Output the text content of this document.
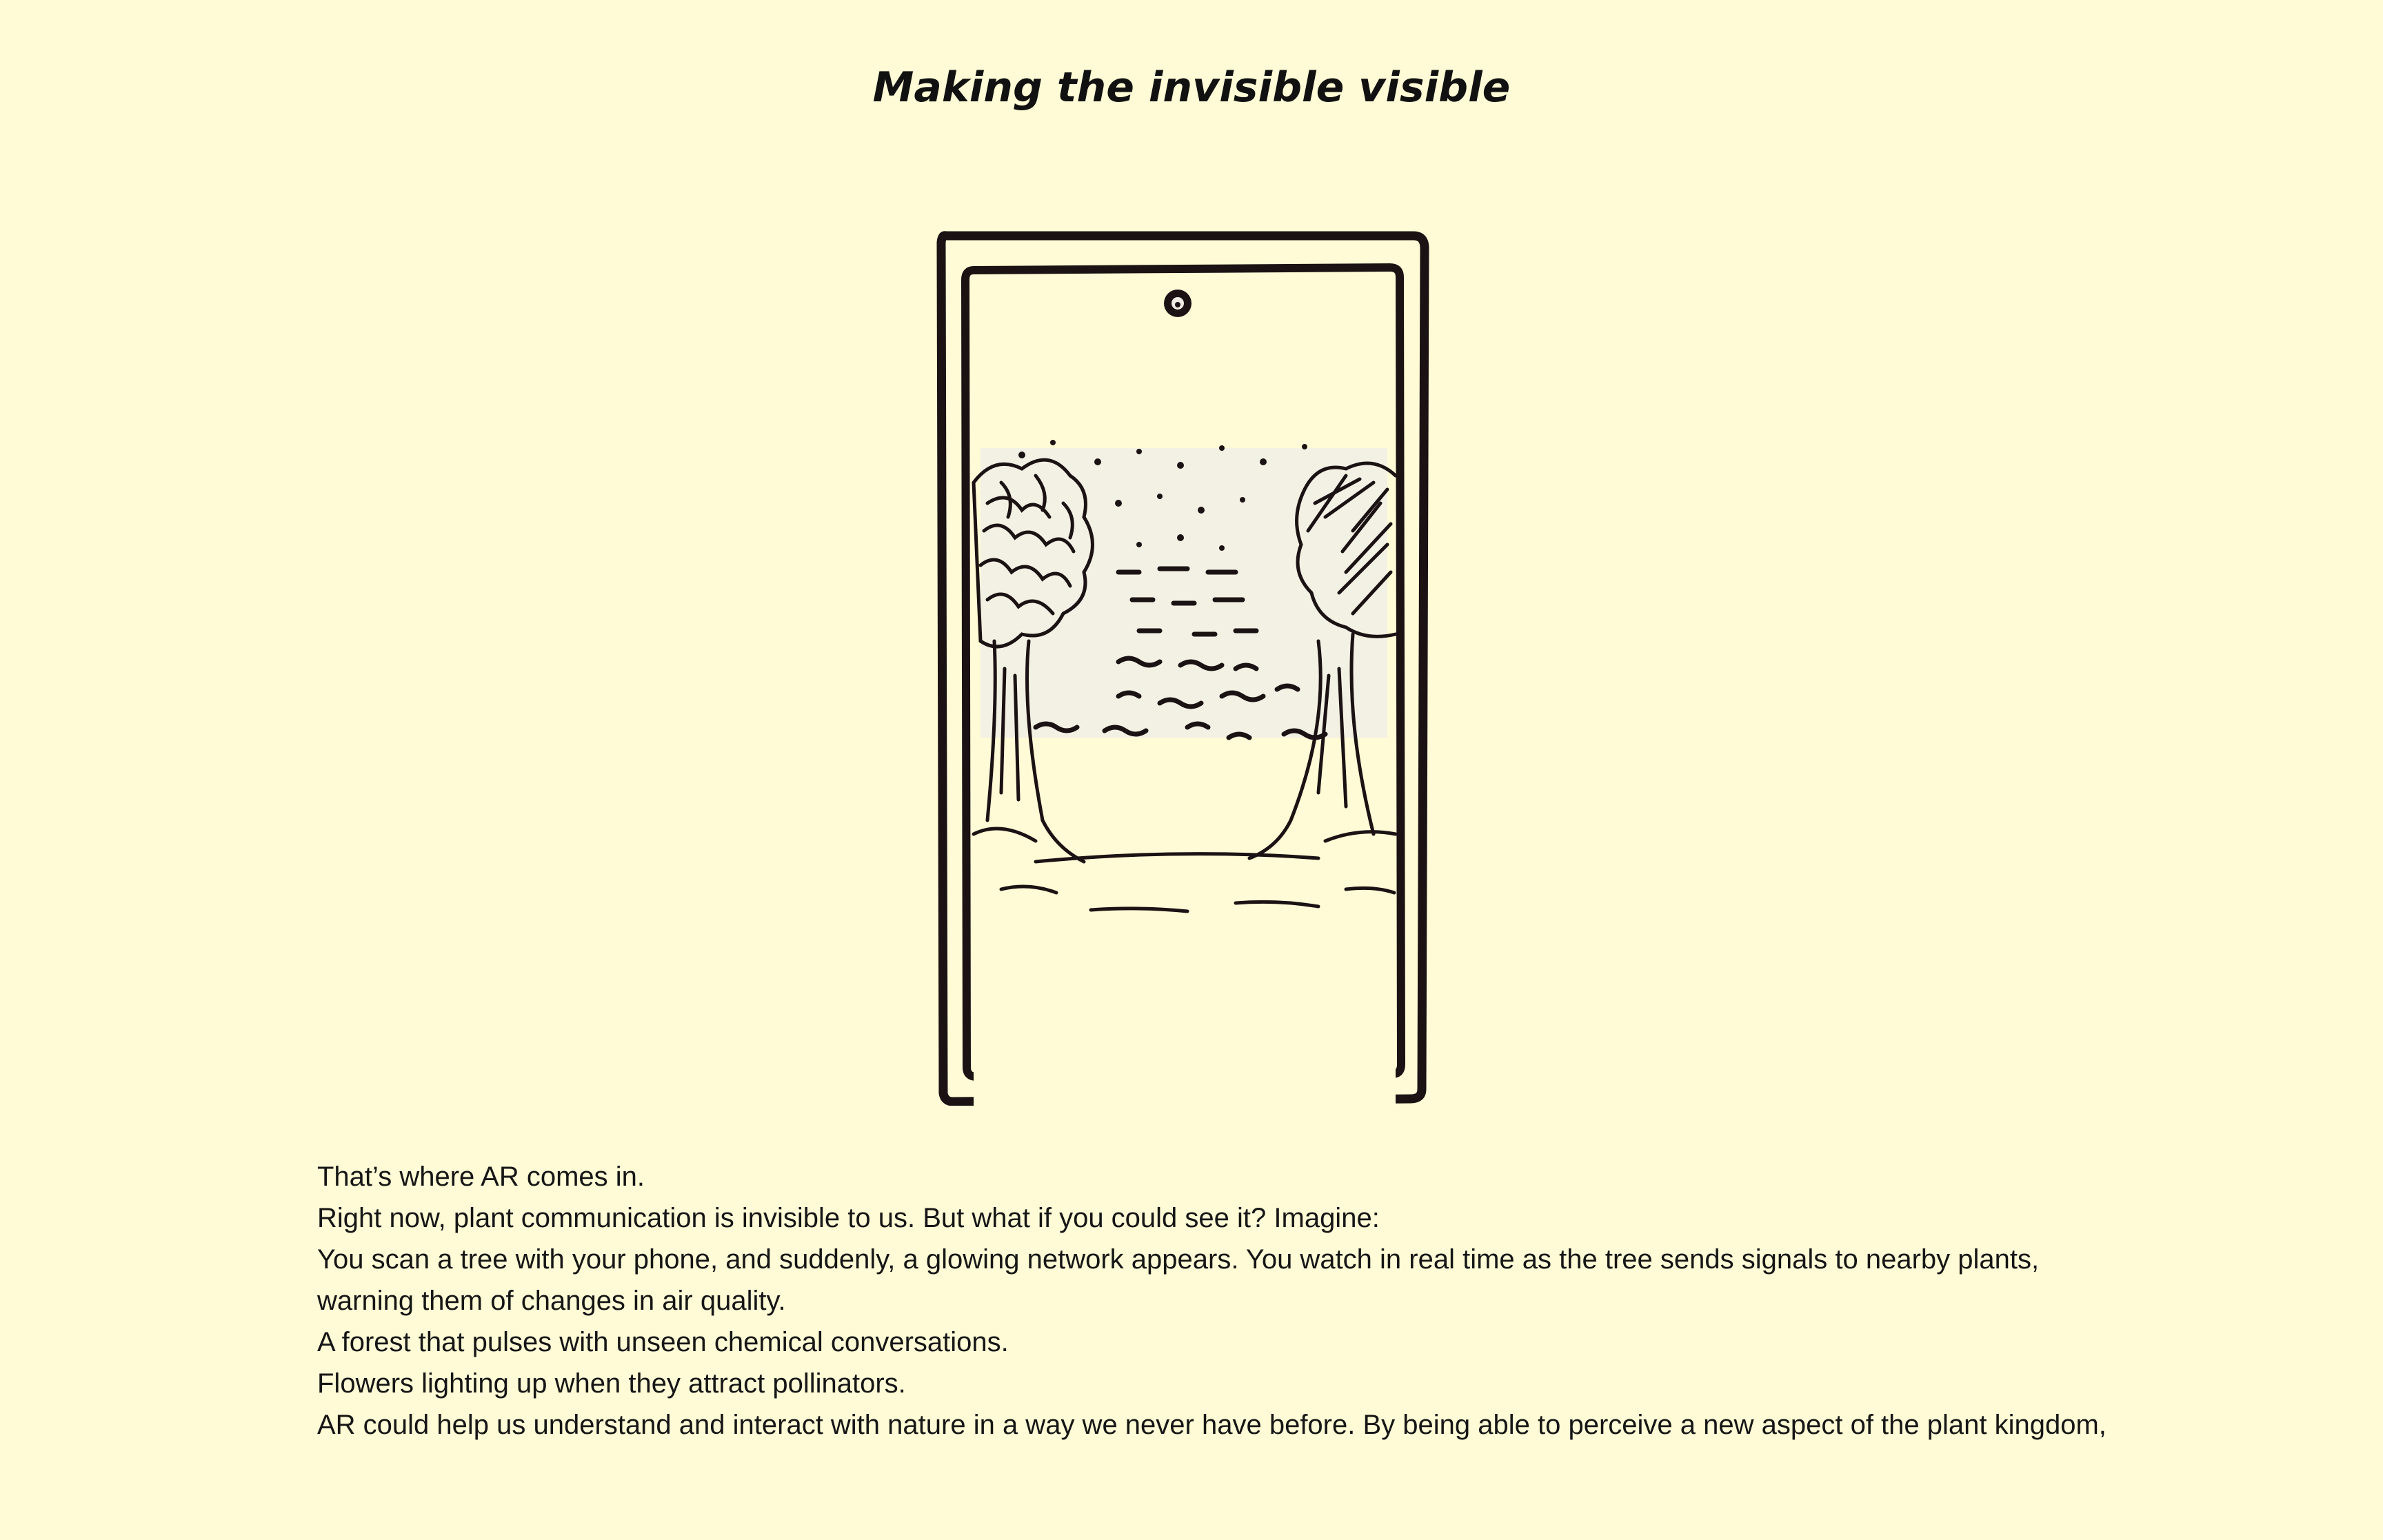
Making the invisible visible

That’s where AR comes in.

Right now, plant communication is invisible to us. But what if you could see it? Imagine:

You scan a tree with your phone, and suddenly, a glowing network appears. You watch in real time as the tree sends signals to nearby plants, warning them of changes in air quality.

A forest that pulses with unseen chemical conversations.

Flowers lighting up when they attract pollinators.

AR could help us understand and interact with nature in a way we never have before. By being able to perceive a new aspect of the plant kingdom,
